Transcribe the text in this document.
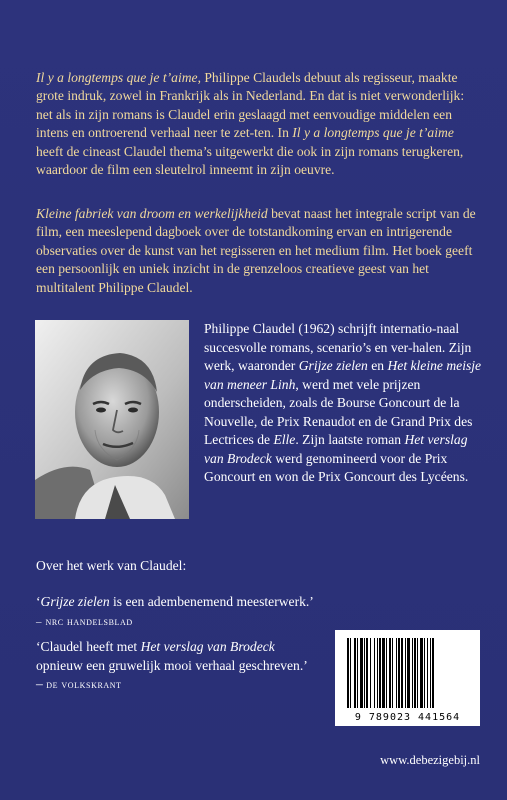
Il y a longtemps que je t’aime, Philippe Claudels debuut als regisseur, maakte grote indruk, zowel in Frankrijk als in Nederland. En dat is niet verwonderlijk: net als in zijn romans is Claudel erin geslaagd met eenvoudige middelen een intens en ontroerend verhaal neer te zet-ten. In Il y a longtemps que je t’aime heeft de cineast Claudel thema’s uitgewerkt die ook in zijn romans terugkeren, waardoor de film een sleutelrol inneemt in zijn oeuvre.

Kleine fabriek van droom en werkelijkheid bevat naast het integrale script van de film, een meeslepend dagboek over de totstandkoming ervan en intrigerende observaties over de kunst van het regisseren en het medium film. Het boek geeft een persoonlijk en uniek inzicht in de grenzeloos creatieve geest van het multitalent Philippe Claudel.

Philippe Claudel (1962) schrijft internatio-naal succesvolle romans, scenario’s en ver-halen. Zijn werk, waaronder Grijze zielen en Het kleine meisje van meneer Linh, werd met vele prijzen onderscheiden, zoals de Bourse Goncourt de la Nouvelle, de Prix Renaudot en de Grand Prix des Lectrices de Elle. Zijn laatste roman Het verslag van Brodeck werd genomineerd voor de Prix Goncourt en won de Prix Goncourt des Lycéens.

Over het werk van Claudel:

‘Grijze zielen is een adembenemend meesterwerk.’
– nrc handelsblad

‘Claudel heeft met Het verslag van Brodeck opnieuw een gruwelijk mooi verhaal geschreven.’ – de volkskrant

9 789023 441564
www.debezigebij.nl
